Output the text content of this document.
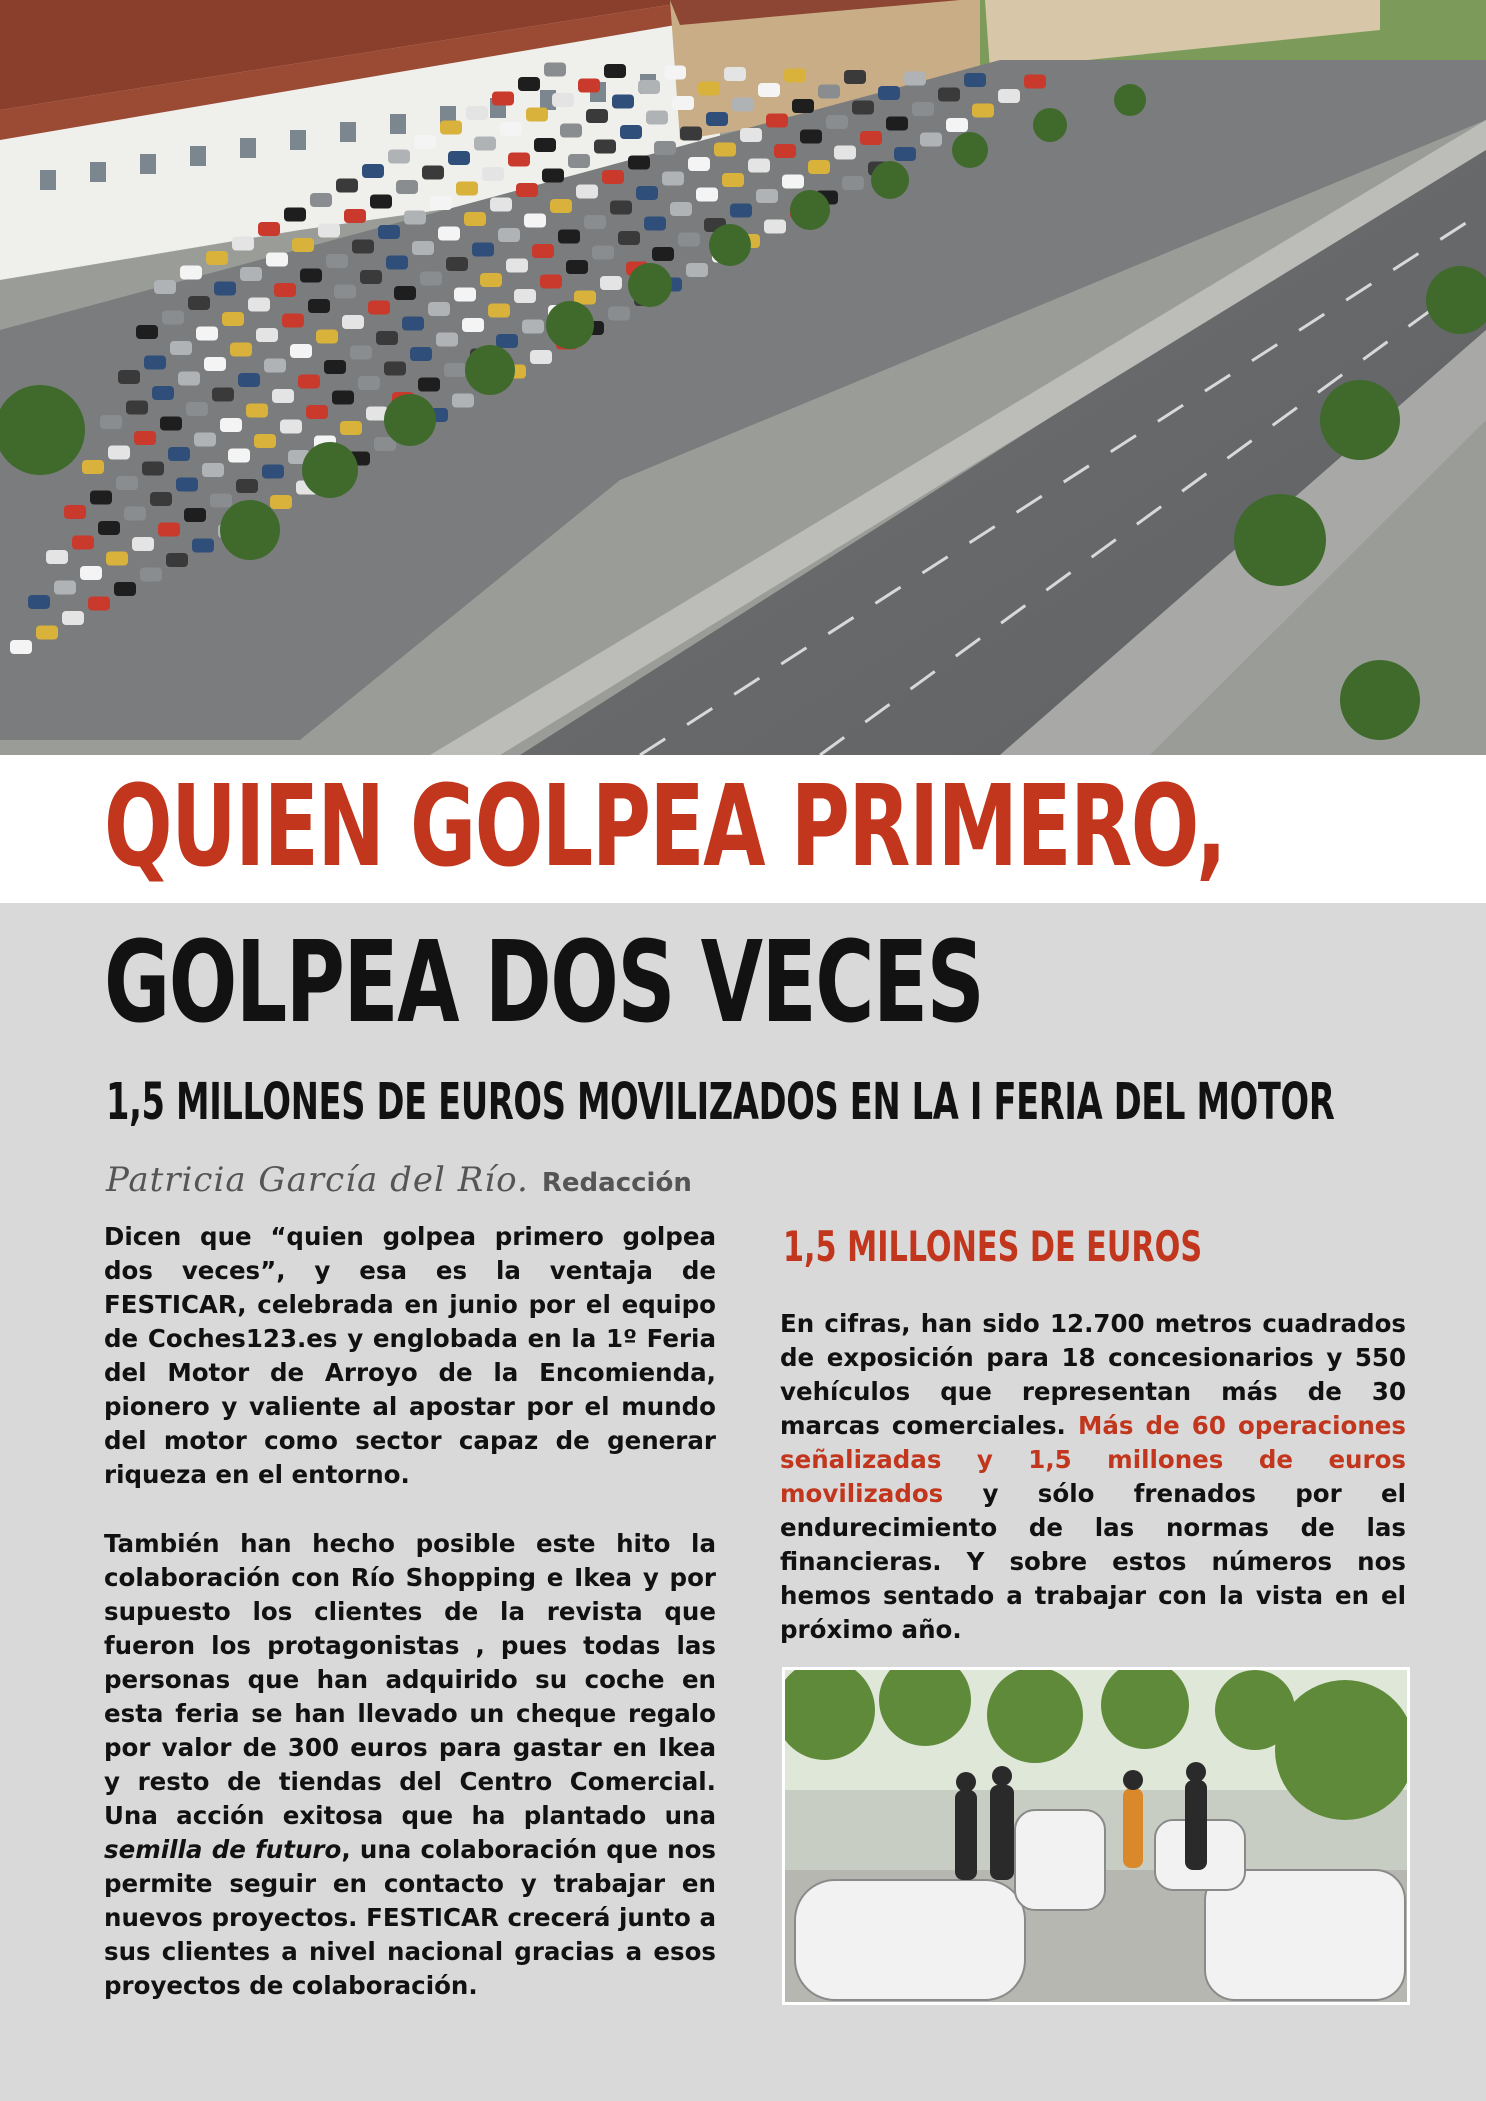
QUIEN GOLPEA PRIMERO,
GOLPEA DOS VECES
1,5 MILLONES DE EUROS MOVILIZADOS EN LA I FERIA DEL MOTOR
Patricia García del Río. Redacción

Dicen que “quien golpea primero golpea dos veces”, y esa es la ventaja de FESTICAR, celebrada en junio por el equipo de Coches123.es y englobada en la 1º Feria del Motor de Arroyo de la Encomienda, pionero y valiente al apostar por el mundo del motor como sector capaz de generar riqueza en el entorno.

También han hecho posible este hito la colaboración con Río Shopping e Ikea y por supuesto los clientes de la revista que fueron los protagonistas , pues todas las personas que han adquirido su coche en esta feria se han llevado un cheque regalo por valor de 300 euros para gastar en Ikea y resto de tiendas del Centro Comercial. Una acción exitosa que ha plantado una semilla de futuro, una colaboración que nos permite seguir en contacto y trabajar en nuevos proyectos. FESTICAR crecerá junto a sus clientes a nivel nacional gracias a esos proyectos de colaboración.

1,5 MILLONES DE EUROS

En cifras, han sido 12.700 metros cuadrados de exposición para 18 concesionarios y 550 vehículos que representan más de 30 marcas comerciales. Más de 60 operaciones señalizadas y 1,5 millones de euros movilizados y sólo frenados por el endurecimiento de las normas de las financieras. Y sobre estos números nos hemos sentado a trabajar con la vista en el próximo año.
